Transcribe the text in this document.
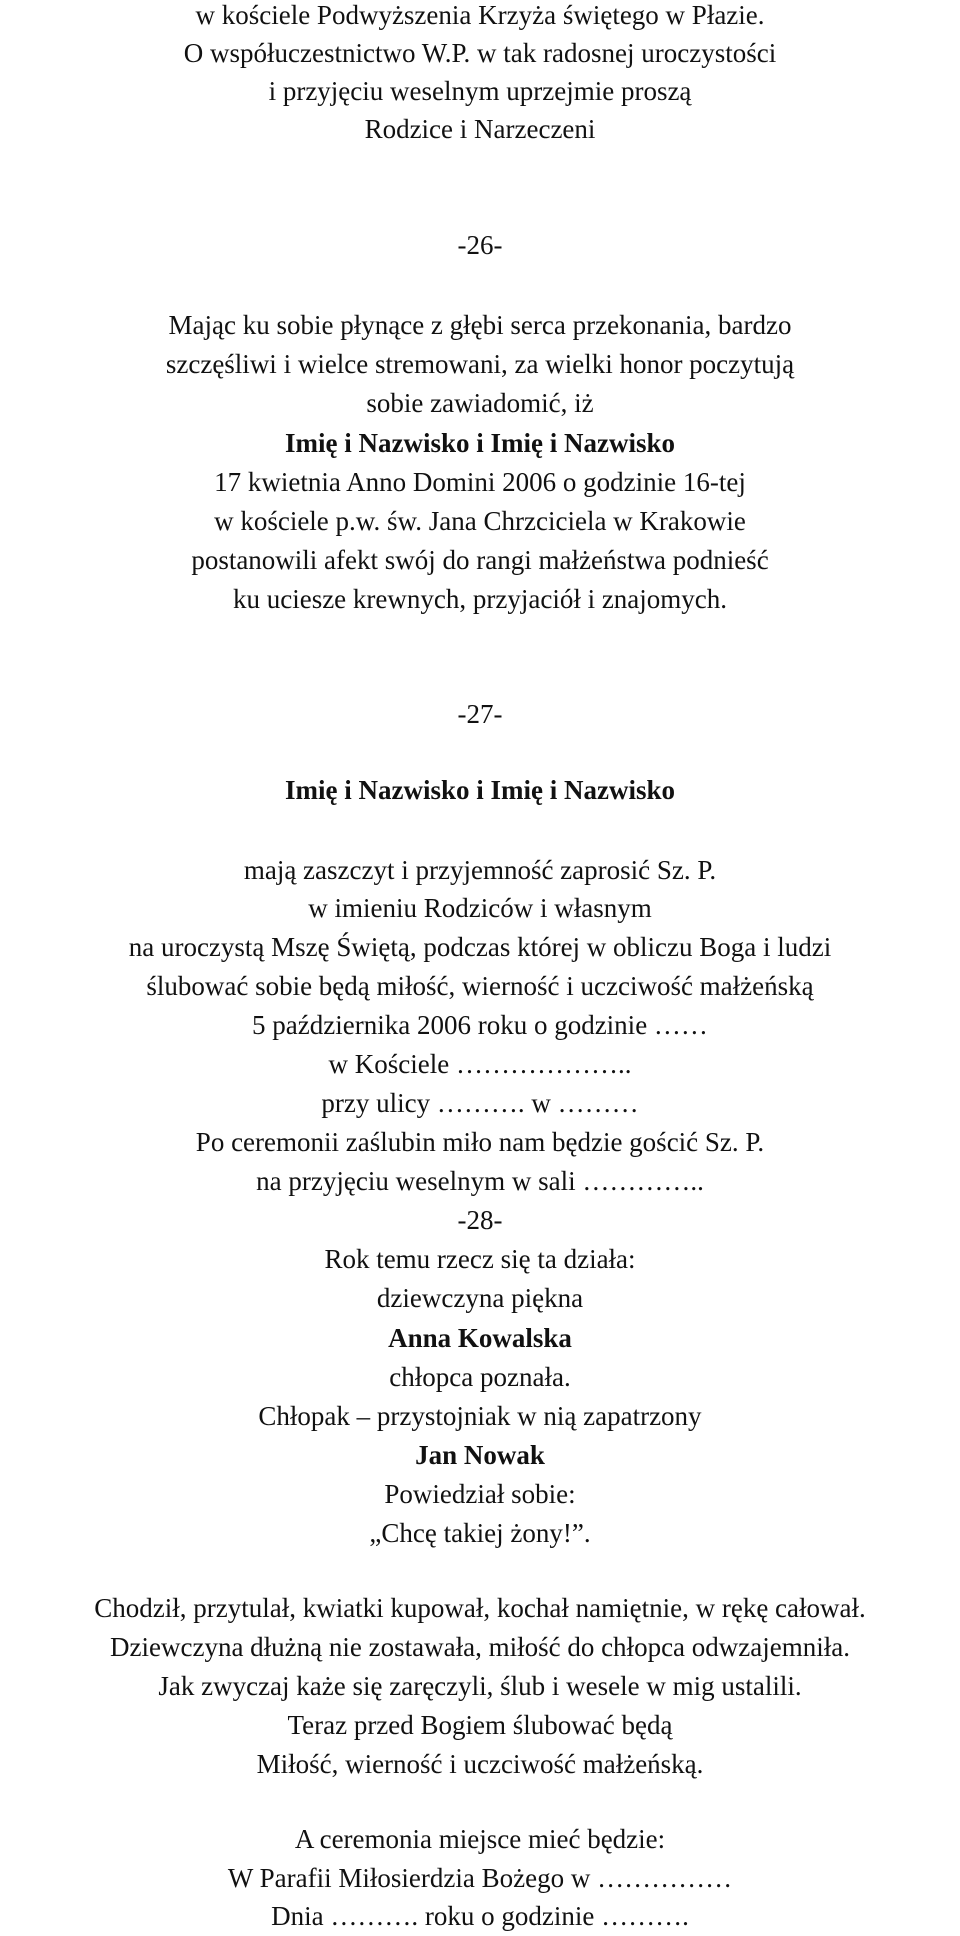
w kościele Podwyższenia Krzyża świętego w Płazie.
O współuczestnictwo W.P. w tak radosnej uroczystości
i przyjęciu weselnym uprzejmie proszą
Rodzice i Narzeczeni
-26-
Mając ku sobie płynące z głębi serca przekonania, bardzo
szczęśliwi i wielce stremowani, za wielki honor poczytują
sobie zawiadomić, iż
Imię i Nazwisko i Imię i Nazwisko
17 kwietnia Anno Domini 2006 o godzinie 16-tej
w kościele p.w. św. Jana Chrzciciela w Krakowie
postanowili afekt swój do rangi małżeństwa podnieść
ku uciesze krewnych, przyjaciół i znajomych.
-27-
Imię i Nazwisko i Imię i Nazwisko
mają zaszczyt i przyjemność zaprosić Sz. P.
w imieniu Rodziców i własnym
na uroczystą Mszę Świętą, podczas której w obliczu Boga i ludzi
ślubować sobie będą miłość, wierność i uczciwość małżeńską
5 października 2006 roku o godzinie ……
w Kościele ………………..
przy ulicy ………. w ………
Po ceremonii zaślubin miło nam będzie gościć Sz. P.
na przyjęciu weselnym w sali …………..
-28-
Rok temu rzecz się ta działa:
dziewczyna piękna
Anna Kowalska
chłopca poznała.
Chłopak – przystojniak w nią zapatrzony
Jan Nowak
Powiedział sobie:
„Chcę takiej żony!”.
Chodził, przytulał, kwiatki kupował, kochał namiętnie, w rękę całował.
Dziewczyna dłużną nie zostawała, miłość do chłopca odwzajemniła.
Jak zwyczaj każe się zaręczyli, ślub i wesele w mig ustalili.
Teraz przed Bogiem ślubować będą
Miłość, wierność i uczciwość małżeńską.
A ceremonia miejsce mieć będzie:
W Parafii Miłosierdzia Bożego w ……………
Dnia ………. roku o godzinie ……….
